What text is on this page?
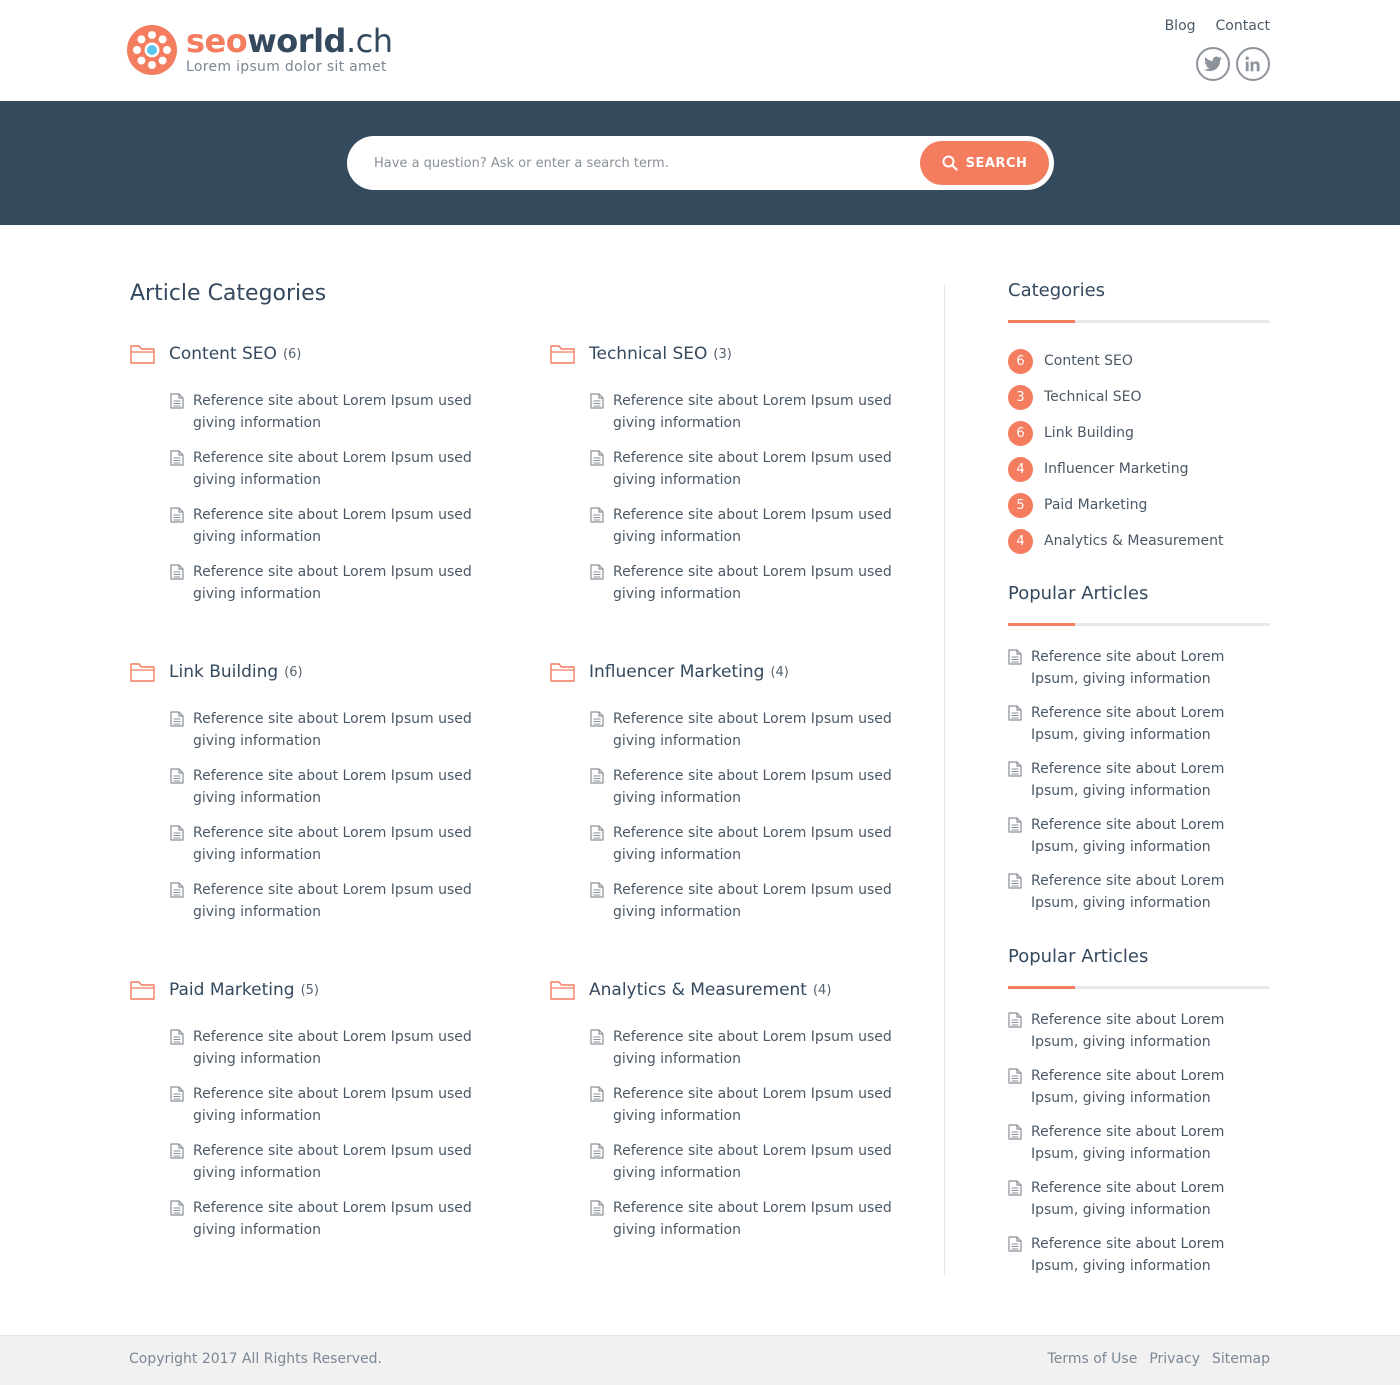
seoworld.ch
Lorem ipsum dolor sit amet
Blog Contact
Have a question? Ask or enter a search term.
SEARCH
Article Categories
Content SEO (6)
Reference site about Lorem Ipsum used giving information
Reference site about Lorem Ipsum used giving information
Reference site about Lorem Ipsum used giving information
Reference site about Lorem Ipsum used giving information
Technical SEO (3)
Reference site about Lorem Ipsum used giving information
Reference site about Lorem Ipsum used giving information
Reference site about Lorem Ipsum used giving information
Reference site about Lorem Ipsum used giving information
Link Building (6)
Reference site about Lorem Ipsum used giving information
Reference site about Lorem Ipsum used giving information
Reference site about Lorem Ipsum used giving information
Reference site about Lorem Ipsum used giving information
Influencer Marketing (4)
Reference site about Lorem Ipsum used giving information
Reference site about Lorem Ipsum used giving information
Reference site about Lorem Ipsum used giving information
Reference site about Lorem Ipsum used giving information
Paid Marketing (5)
Reference site about Lorem Ipsum used giving information
Reference site about Lorem Ipsum used giving information
Reference site about Lorem Ipsum used giving information
Reference site about Lorem Ipsum used giving information
Analytics & Measurement (4)
Reference site about Lorem Ipsum used giving information
Reference site about Lorem Ipsum used giving information
Reference site about Lorem Ipsum used giving information
Reference site about Lorem Ipsum used giving information
Categories
6	Content SEO
3	Technical SEO
6	Link Building
4	Influencer Marketing
5	Paid Marketing
4	Analytics & Measurement
Popular Articles
Reference site about Lorem Ipsum, giving information
Reference site about Lorem Ipsum, giving information
Reference site about Lorem Ipsum, giving information
Reference site about Lorem Ipsum, giving information
Reference site about Lorem Ipsum, giving information
Popular Articles
Reference site about Lorem Ipsum, giving information
Reference site about Lorem Ipsum, giving information
Reference site about Lorem Ipsum, giving information
Reference site about Lorem Ipsum, giving information
Reference site about Lorem Ipsum, giving information
Copyright 2017 All Rights Reserved.	Terms of Use Privacy Sitemap
